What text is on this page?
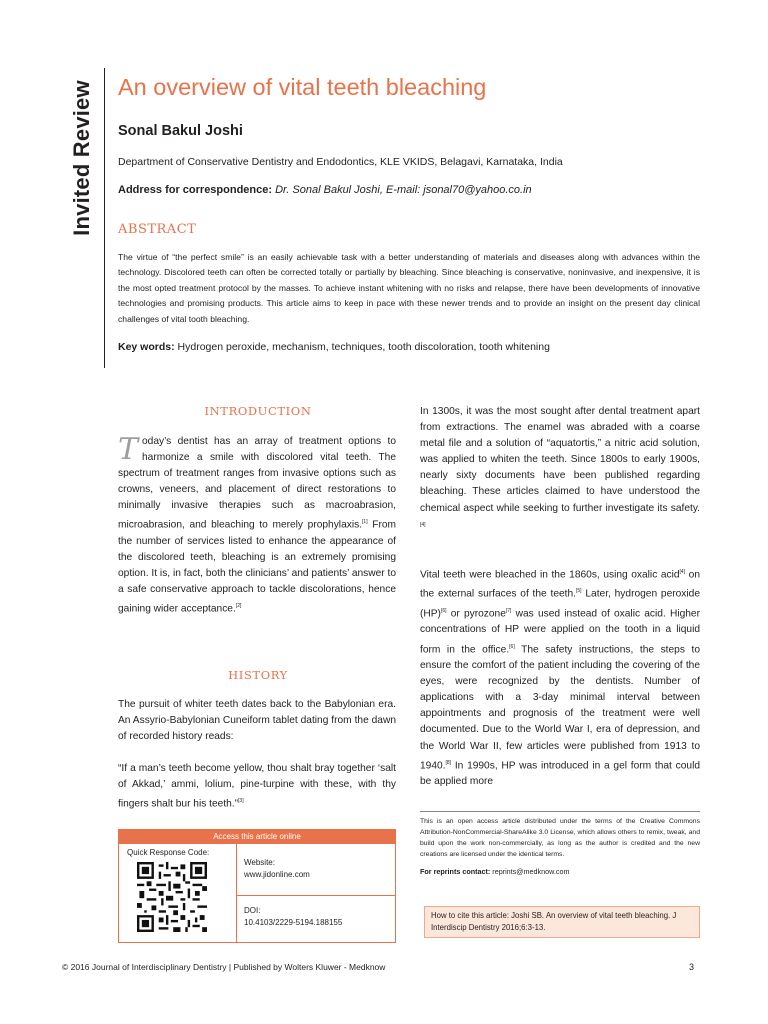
Invited Review An overview of vital teeth bleaching
Sonal Bakul Joshi
Department of Conservative Dentistry and Endodontics, KLE VKIDS, Belagavi, Karnataka, India
Address for correspondence: Dr. Sonal Bakul Joshi, E-mail: jsonal70@yahoo.co.in
ABSTRACT
The virtue of “the perfect smile” is an easily achievable task with a better understanding of materials and diseases along with advances within the technology. Discolored teeth can often be corrected totally or partially by bleaching. Since bleaching is conservative, noninvasive, and inexpensive, it is the most opted treatment protocol by the masses. To achieve instant whitening with no risks and relapse, there have been developments of innovative technologies and promising products. This article aims to keep in pace with these newer trends and to provide an insight on the present day clinical challenges of vital tooth bleaching.
Key words: Hydrogen peroxide, mechanism, techniques, tooth discoloration, tooth whitening
INTRODUCTION
Today’s dentist has an array of treatment options to harmonize a smile with discolored vital teeth. The spectrum of treatment ranges from invasive options such as crowns, veneers, and placement of direct restorations to minimally invasive therapies such as macroabrasion, microabrasion, and bleaching to merely prophylaxis.[1] From the number of services listed to enhance the appearance of the discolored teeth, bleaching is an extremely promising option. It is, in fact, both the clinicians’ and patients’ answer to a safe conservative approach to tackle discolorations, hence gaining wider acceptance.[2]
HISTORY
The pursuit of whiter teeth dates back to the Babylonian era. An Assyrio-Babylonian Cuneiform tablet dating from the dawn of recorded history reads:
“If a man’s teeth become yellow, thou shalt bray together ‘salt of Akkad,’ ammi, lolium, pine-turpine with these, with thy fingers shalt bur his teeth.”[3]
In 1300s, it was the most sought after dental treatment apart from extractions. The enamel was abraded with a coarse metal file and a solution of “aquatortis,” a nitric acid solution, was applied to whiten the teeth. Since 1800s to early 1900s, nearly sixty documents have been published regarding bleaching. These articles claimed to have understood the chemical aspect while seeking to further investigate its safety.[4]
Vital teeth were bleached in the 1860s, using oxalic acid[4] on the external surfaces of the teeth.[5] Later, hydrogen peroxide (HP)[6] or pyrozone[7] was used instead of oxalic acid. Higher concentrations of HP were applied on the tooth in a liquid form in the office.[6] The safety instructions, the steps to ensure the comfort of the patient including the covering of the eyes, were recognized by the dentists. Number of applications with a 3-day minimal interval between appointments and prognosis of the treatment were well documented. Due to the World War I, era of depression, and the World War II, few articles were published from 1913 to 1940.[8] In 1990s, HP was introduced in a gel form that could be applied more
This is an open access article distributed under the terms of the Creative Commons Attribution-NonCommercial-ShareAlike 3.0 License, which allows others to remix, tweak, and build upon the work non-commercially, as long as the author is credited and the new creations are licensed under the identical terms.
For reprints contact: reprints@medknow.com
How to cite this article: Joshi SB. An overview of vital teeth bleaching. J Interdiscip Dentistry 2016;6:3-13.
Access this article online
Quick Response Code:
Website:
www.jidonline.com
DOI:
10.4103/2229-5194.188155
© 2016 Journal of Interdisciplinary Dentistry | Published by Wolters Kluwer - Medknow	3
